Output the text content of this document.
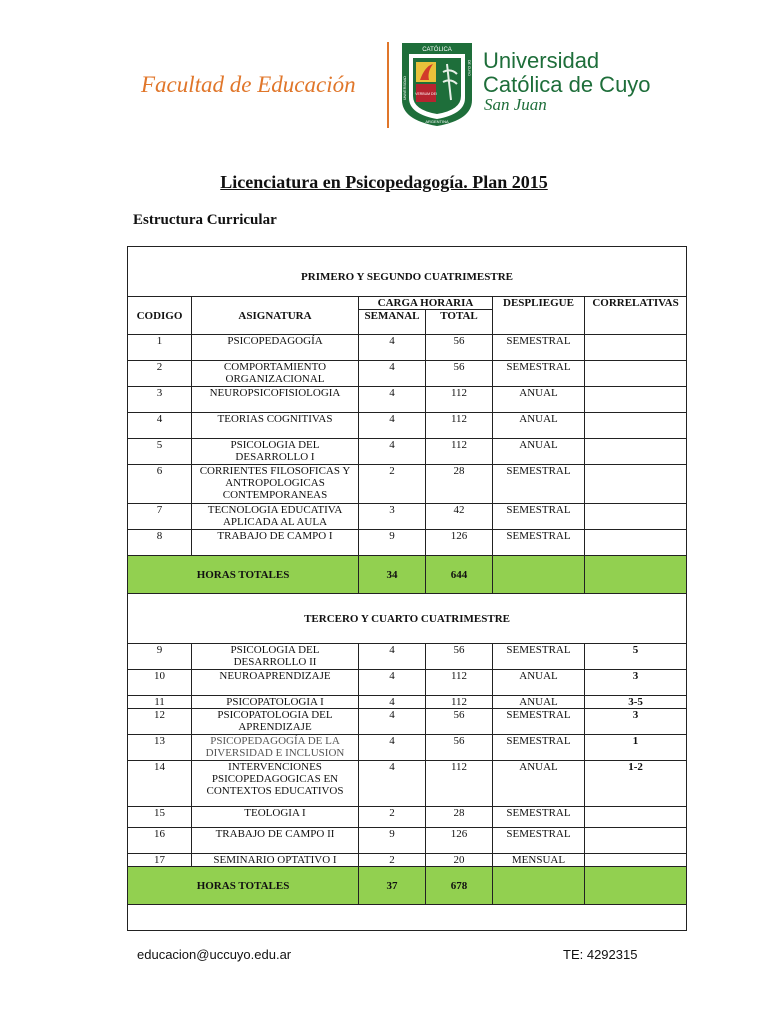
Facultad de Educación
CATÓLICA
VERBUM DEI
ARGENTINA
UNIVERSIDAD
DE CUYO Universidad
Católica de Cuyo
San Juan
Licenciatura en Psicopedagogía. Plan 2015
Estructura Curricular
PRIMERO Y SEGUNDO CUATRIMESTRE					
CODIGO	ASIGNATURA	CARGA HORARIA		DESPLIEGUE	CORRELATIVAS
		SEMANAL	TOTAL		
1	PSICOPEDAGOGÍA	4	56	SEMESTRAL	
2	COMPORTAMIENTO ORGANIZACIONAL	4	56	SEMESTRAL	
3	NEUROPSICOFISIOLOGIA	4	112	ANUAL	
4	TEORIAS COGNITIVAS	4	112	ANUAL	
5	PSICOLOGIA DEL DESARROLLO I	4	112	ANUAL	
6	CORRIENTES FILOSOFICAS Y ANTROPOLOGICAS CONTEMPORANEAS	2	28	SEMESTRAL	
7	TECNOLOGIA EDUCATIVA APLICADA AL AULA	3	42	SEMESTRAL	
8	TRABAJO DE CAMPO I	9	126	SEMESTRAL	
HORAS TOTALES		34	644		
TERCERO Y CUARTO CUATRIMESTRE					
9	PSICOLOGIA DEL DESARROLLO II	4	56	SEMESTRAL	5
10	NEUROAPRENDIZAJE	4	112	ANUAL	3
11	PSICOPATOLOGIA I	4	112	ANUAL	3-5
12	PSICOPATOLOGIA DEL APRENDIZAJE	4	56	SEMESTRAL	3
13	PSICOPEDAGOGÍA DE LA DIVERSIDAD E INCLUSION	4	56	SEMESTRAL	1
14	INTERVENCIONES PSICOPEDAGOGICAS EN CONTEXTOS EDUCATIVOS	4	112	ANUAL	1-2
15	TEOLOGIA I	2	28	SEMESTRAL	
16	TRABAJO DE CAMPO II	9	126	SEMESTRAL	
17	SEMINARIO OPTATIVO I	2	20	MENSUAL	
HORAS TOTALES		37	678		

educacion@uccuyo.edu.ar	TE: 4292315
